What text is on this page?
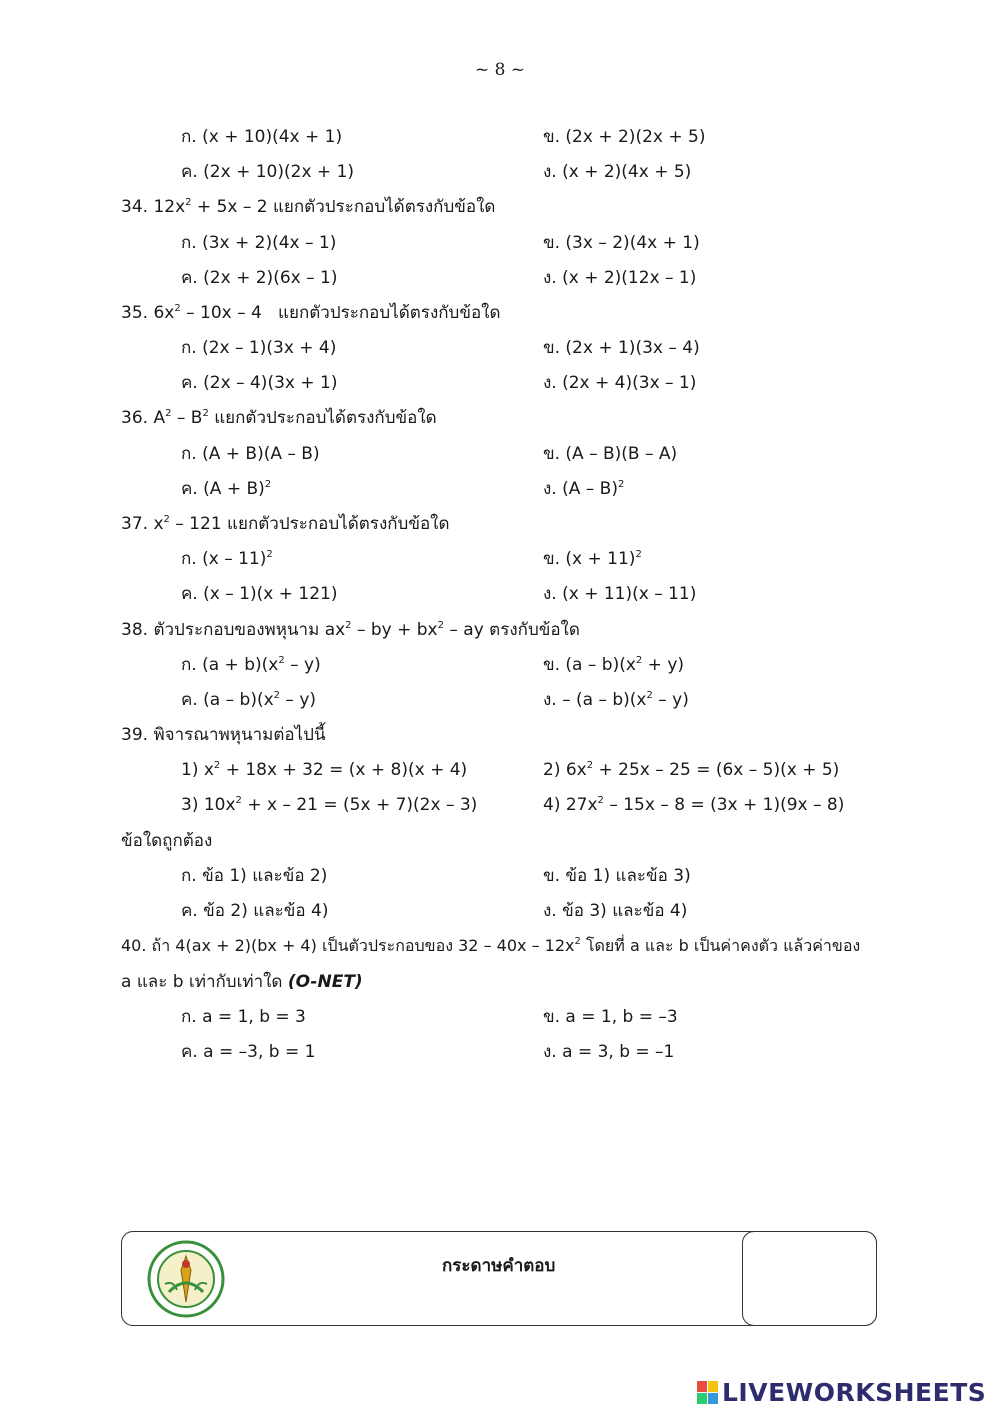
~ 8 ~
ก. (x + 10)(4x + 1)	ข. (2x + 2)(2x + 5)
ค. (2x + 10)(2x + 1)	ง. (x + 2)(4x + 5)
34. $12x^2 + 5x - 2$ แยกตัวประกอบได้ตรงกับข้อใด
ก. (3x + 2)(4x – 1)	ข. (3x – 2)(4x + 1)
ค. (2x + 2)(6x – 1)	ง. (x + 2)(12x – 1)
35. $6x^2 - 10x - 4$   แยกตัวประกอบได้ตรงกับข้อใด
ก. (2x – 1)(3x + 4)	ข. (2x + 1)(3x – 4)
ค. (2x – 4)(3x + 1)	ง. (2x + 4)(3x – 1)
36. $A^2 - B^2$ แยกตัวประกอบได้ตรงกับข้อใด
ก. (A + B)(A – B)	ข. (A – B)(B – A)
ค. $(A + B)^2$	ง. (A – B)$^2$
37. $x^2 - 121$ แยกตัวประกอบได้ตรงกับข้อใด
ก. (x – 11)$^2$	ข. $(x + 11)^2$
ค. (x – 1)(x + 121)	ง. (x + 11)(x – 11)
38. ตัวประกอบของพหุนาม $ax^2$ – by + $bx^2$ – ay ตรงกับข้อใด
ก. $(a + b)(x^2 - y)$	ข. $(a - b)(x^2 + y)$
ค. $(a - b)(x^2 - y)$	ง. – $(a - b)(x^2 - y)$
39. พิจารณาพหุนามต่อไปนี้
1) $x^2 + 18x + 32 = (x + 8)(x + 4)$	2) $6x^2 + 25x - 25 = (6x - 5)(x + 5)$
3) $10x^2 + x - 21 = (5x + 7)(2x - 3)$	4) $27x^2 - 15x - 8 = (3x + 1)(9x - 8)$
ข้อใดถูกต้อง
ก. ข้อ 1) และข้อ 2)	ข. ข้อ 1) และข้อ 3)
ค. ข้อ 2) และข้อ 4)	ง. ข้อ 3) และข้อ 4)
40. ถ้า 4(ax + 2)(bx + 4) เป็นตัวประกอบของ $32 - 40x - 12x^2$ โดยที่ a และ b เป็นค่าคงตัว แล้วค่าของ
a และ b เท่ากับเท่าใด (O-NET)
ก. a = 1, b = 3	ข. a = 1, b = –3
ค. a = –3, b = 1	ง. a = 3, b = –1
กระดาษคำตอบ
LIVEWORKSHEETS
